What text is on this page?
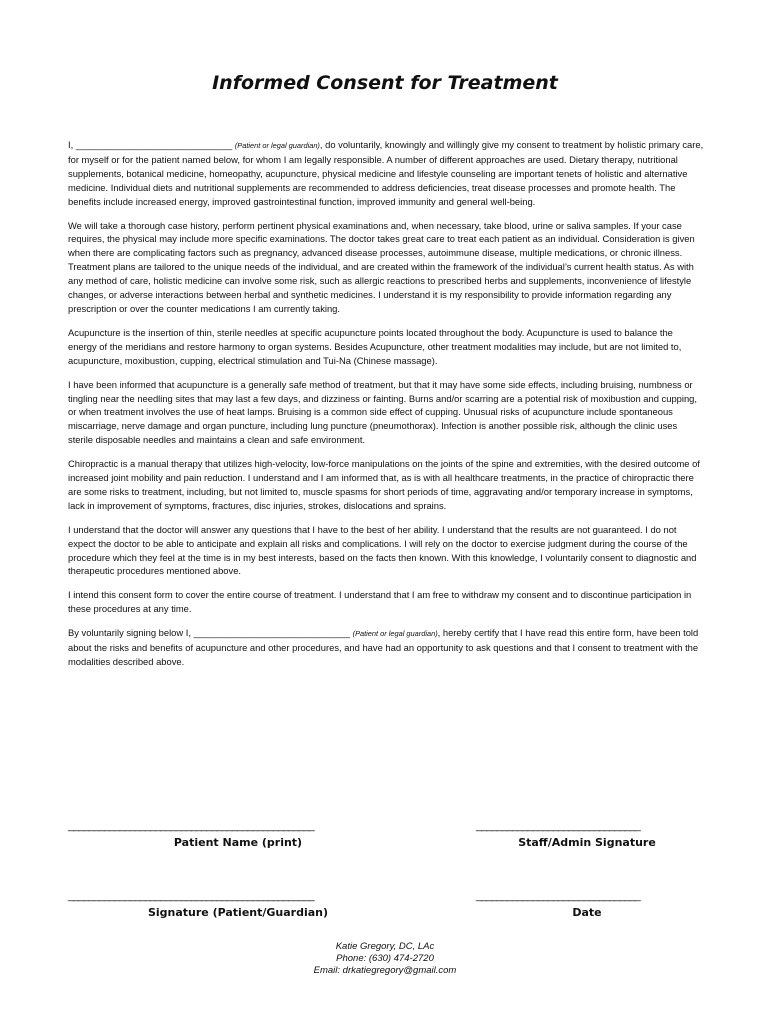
Informed Consent for Treatment

I, ______________________________ (Patient or legal guardian), do voluntarily, knowingly and willingly give my consent to treatment by holistic primary care, for myself or for the patient named below, for whom I am legally responsible. A number of different approaches are used. Dietary therapy, nutritional supplements, botanical medicine, homeopathy, acupuncture, physical medicine and lifestyle counseling are important tenets of holistic and alternative medicine. Individual diets and nutritional supplements are recommended to address deficiencies, treat disease processes and promote health. The benefits include increased energy, improved gastrointestinal function, improved immunity and general well-being.

We will take a thorough case history, perform pertinent physical examinations and, when necessary, take blood, urine or saliva samples. If your case requires, the physical may include more specific examinations. The doctor takes great care to treat each patient as an individual. Consideration is given when there are complicating factors such as pregnancy, advanced disease processes, autoimmune disease, multiple medications, or chronic illness. Treatment plans are tailored to the unique needs of the individual, and are created within the framework of the individual’s current health status. As with any method of care, holistic medicine can involve some risk, such as allergic reactions to prescribed herbs and supplements, inconvenience of lifestyle changes, or adverse interactions between herbal and synthetic medicines. I understand it is my responsibility to provide information regarding any prescription or over the counter medications I am currently taking.

Acupuncture is the insertion of thin, sterile needles at specific acupuncture points located throughout the body. Acupuncture is used to balance the energy of the meridians and restore harmony to organ systems. Besides Acupuncture, other treatment modalities may include, but are not limited to, acupuncture, moxibustion, cupping, electrical stimulation and Tui-Na (Chinese massage).

I have been informed that acupuncture is a generally safe method of treatment, but that it may have some side effects, including bruising, numbness or tingling near the needling sites that may last a few days, and dizziness or fainting. Burns and/or scarring are a potential risk of moxibustion and cupping, or when treatment involves the use of heat lamps. Bruising is a common side effect of cupping. Unusual risks of acupuncture include spontaneous miscarriage, nerve damage and organ puncture, including lung puncture (pneumothorax). Infection is another possible risk, although the clinic uses sterile disposable needles and maintains a clean and safe environment.

Chiropractic is a manual therapy that utilizes high-velocity, low-force manipulations on the joints of the spine and extremities, with the desired outcome of increased joint mobility and pain reduction. I understand and I am informed that, as is with all healthcare treatments, in the practice of chiropractic there are some risks to treatment, including, but not limited to, muscle spasms for short periods of time, aggravating and/or temporary increase in symptoms, lack in improvement of symptoms, fractures, disc injuries, strokes, dislocations and sprains.

I understand that the doctor will answer any questions that I have to the best of her ability. I understand that the results are not guaranteed. I do not expect the doctor to be able to anticipate and explain all risks and complications. I will rely on the doctor to exercise judgment during the course of the procedure which they feel at the time is in my best interests, based on the facts then known. With this knowledge, I voluntarily consent to diagnostic and therapeutic procedures mentioned above.

I intend this consent form to cover the entire course of treatment. I understand that I am free to withdraw my consent and to discontinue participation in these procedures at any time.

By voluntarily signing below I, ______________________________ (Patient or legal guardian), hereby certify that I have read this entire form, have been told about the risks and benefits of acupuncture and other procedures, and have had an opportunity to ask questions and that I consent to treatment with the modalities described above.

________________________________________________
Patient Name (print)
________________________________
Staff/Admin Signature
________________________________________________
Signature (Patient/Guardian)
________________________________
Date
Katie Gregory, DC, LAc
Phone: (630) 474-2720
Email: drkatiegregory@gmail.com
